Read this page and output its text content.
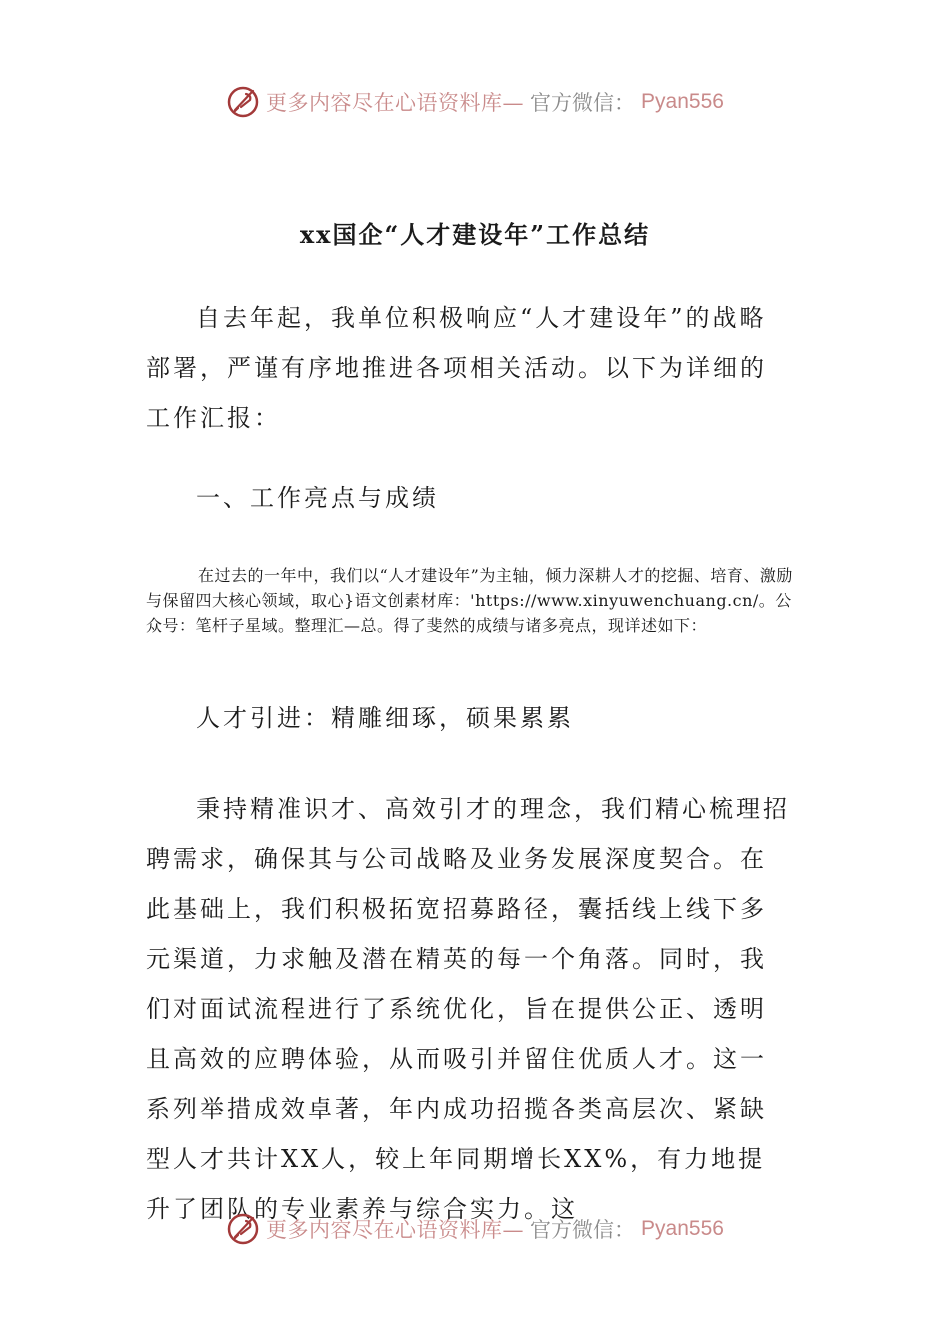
更多内容尽在心语资料库— 官方微信： Pyan556
xx国企“人才建设年”工作总结

自去年起，我单位积极响应“人才建设年”的战略部署，严谨有序地推进各项相关活动。以下为详细的工作汇报：

一、工作亮点与成绩

在过去的一年中，我们以“人才建设年”为主轴，倾力深耕人才的挖掘、培育、激励与保留四大核心领域，取心}语文创素材库：'https://www.xinyuwenchuang.cn/。公众号：笔杆子星域。整理汇—总。得了斐然的成绩与诸多亮点，现详述如下：

人才引进：精雕细琢，硕果累累

秉持精准识才、高效引才的理念，我们精心梳理招聘需求，确保其与公司战略及业务发展深度契合。在此基础上，我们积极拓宽招募路径，囊括线上线下多元渠道，力求触及潜在精英的每一个角落。同时，我们对面试流程进行了系统优化，旨在提供公正、透明且高效的应聘体验，从而吸引并留住优质人才。这一系列举措成效卓著，年内成功招揽各类高层次、紧缺型人才共计XX人，较上年同期增长XX%，有力地提升了团队的专业素养与综合实力。这

更多内容尽在心语资料库— 官方微信： Pyan556
